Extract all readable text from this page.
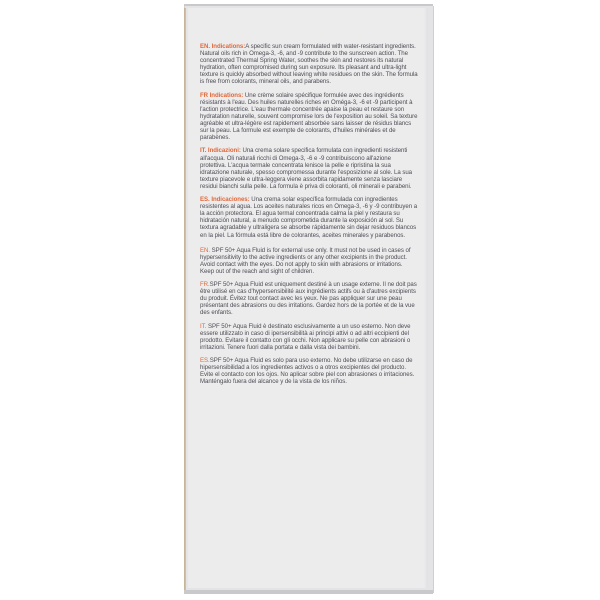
EN. Indications:A specific sun cream formulated with water-resistant ingredients. Natural oils rich in Omega-3, -6, and -9 contribute to the sunscreen action. The concentrated Thermal Spring Water, soothes the skin and restores its natural hydration, often compromised during sun exposure. Its pleasant and ultra-light texture is quickly absorbed without leaving white residues on the skin. The formula is free from colorants, mineral oils, and parabens.

FR Indications: Une crème solaire spécifique formulée avec des ingrédients résistants à l'eau. Des huiles naturelles riches en Oméga-3, -6 et -9 participent à l'action protectrice. L'eau thermale concentrée apaise la peau et restaure son hydratation naturelle, souvent compromise lors de l'exposition au soleil. Sa texture agréable et ultra-légère est rapidement absorbée sans laisser de résidus blancs sur la peau. La formule est exempte de colorants, d'huiles minérales et de parabènes.

IT. Indicazioni: Una crema solare specifica formulata con ingredienti resistenti all'acqua. Oli naturali ricchi di Omega-3, -6 e -9 contribuiscono all'azione protettiva. L'acqua termale concentrata lenisce la pelle e ripristina la sua idratazione naturale, spesso compromessa durante l'esposizione al sole. La sua texture piacevole e ultra-leggera viene assorbita rapidamente senza lasciare residui bianchi sulla pelle. La formula è priva di coloranti, oli minerali e parabeni.

ES. Indicaciones: Una crema solar específica formulada con ingredientes resistentes al agua. Los aceites naturales ricos en Omega-3, -6 y -9 contribuyen a la acción protectora. El agua termal concentrada calma la piel y restaura su hidratación natural, a menudo comprometida durante la exposición al sol. Su textura agradable y ultraligera se absorbe rápidamente sin dejar residuos blancos en la piel. La fórmula está libre de colorantes, aceites minerales y parabenos.

EN. SPF 50+ Aqua Fluid is for external use only. It must not be used in cases of hypersensitivity to the active ingredients or any other excipients in the product. Avoid contact with the eyes. Do not apply to skin with abrasions or irritations. Keep out of the reach and sight of children.

FR.SPF 50+ Aqua Fluid est uniquement destiné à un usage externe. Il ne doit pas être utilisé en cas d'hypersensibilité aux ingrédients actifs ou à d'autres excipients du produit. Évitez tout contact avec les yeux. Ne pas appliquer sur une peau présentant des abrasions ou des irritations. Gardez hors de la portée et de la vue des enfants.

IT. SPF 50+ Aqua Fluid è destinato esclusivamente a un uso esterno. Non deve essere utilizzato in caso di ipersensibilità ai principi attivi o ad altri eccipienti del prodotto. Evitare il contatto con gli occhi. Non applicare su pelle con abrasioni o irritazioni. Tenere fuori dalla portata e dalla vista dei bambini.

ES.SPF 50+ Aqua Fluid es solo para uso externo. No debe utilizarse en caso de hipersensibilidad a los ingredientes activos o a otros excipientes del producto. Evite el contacto con los ojos. No aplicar sobre piel con abrasiones o irritaciones. Manténgalo fuera del alcance y de la vista de los niños.
